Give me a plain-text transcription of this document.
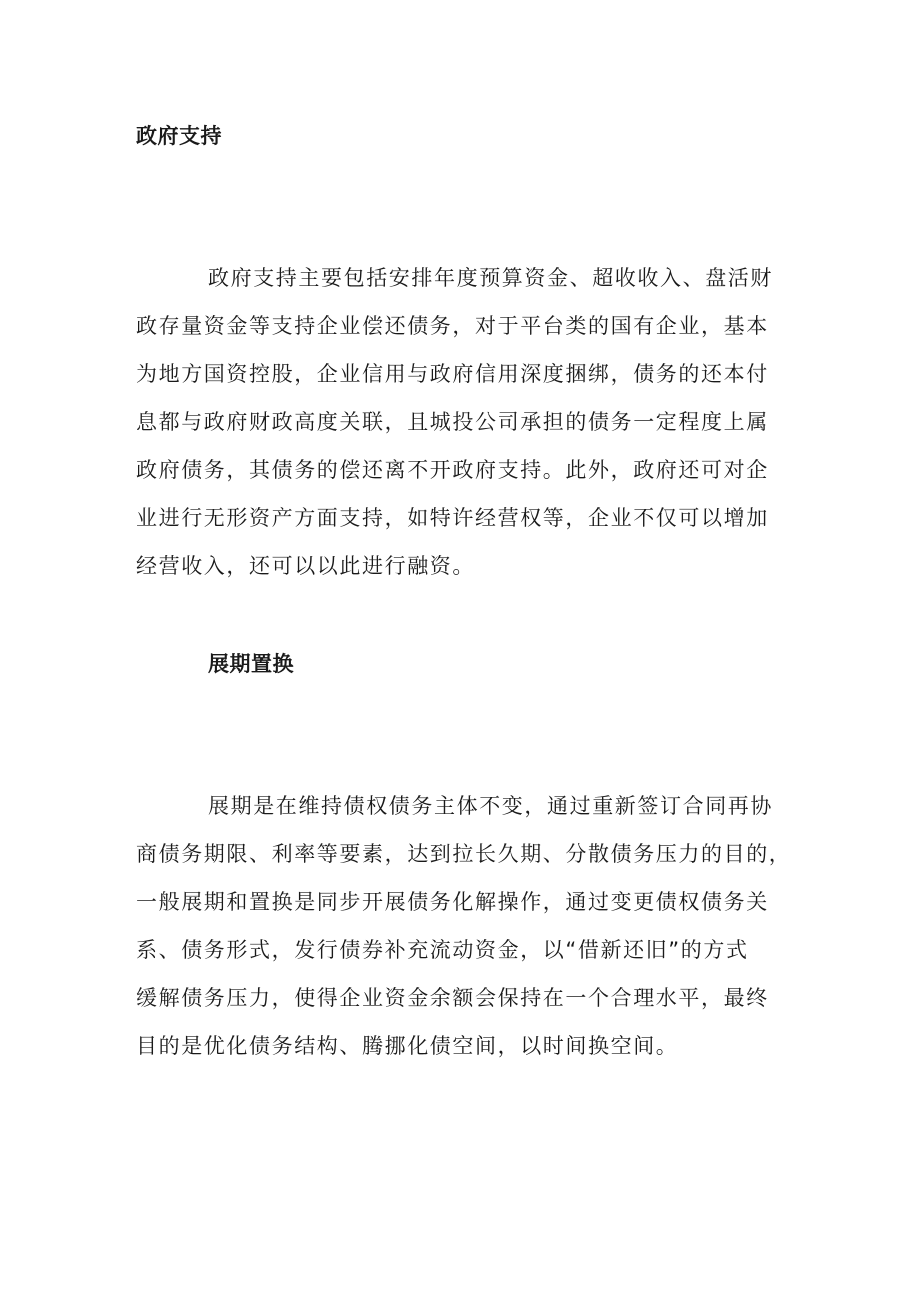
政府支持
政府支持主要包括安排年度预算资金、超收收入、盘活财
政存量资金等支持企业偿还债务，对于平台类的国有企业，基本
为地方国资控股，企业信用与政府信用深度捆绑，债务的还本付
息都与政府财政高度关联，且城投公司承担的债务一定程度上属
政府债务，其债务的偿还离不开政府支持。此外，政府还可对企
业进行无形资产方面支持，如特许经营权等，企业不仅可以增加
经营收入，还可以以此进行融资。
展期置换
展期是在维持债权债务主体不变，通过重新签订合同再协
商债务期限、利率等要素，达到拉长久期、分散债务压力的目的，
一般展期和置换是同步开展债务化解操作，通过变更债权债务关
系、债务形式，发行债券补充流动资金，以“借新还旧”的方式
缓解债务压力，使得企业资金余额会保持在一个合理水平，最终
目的是优化债务结构、腾挪化债空间，以时间换空间。
